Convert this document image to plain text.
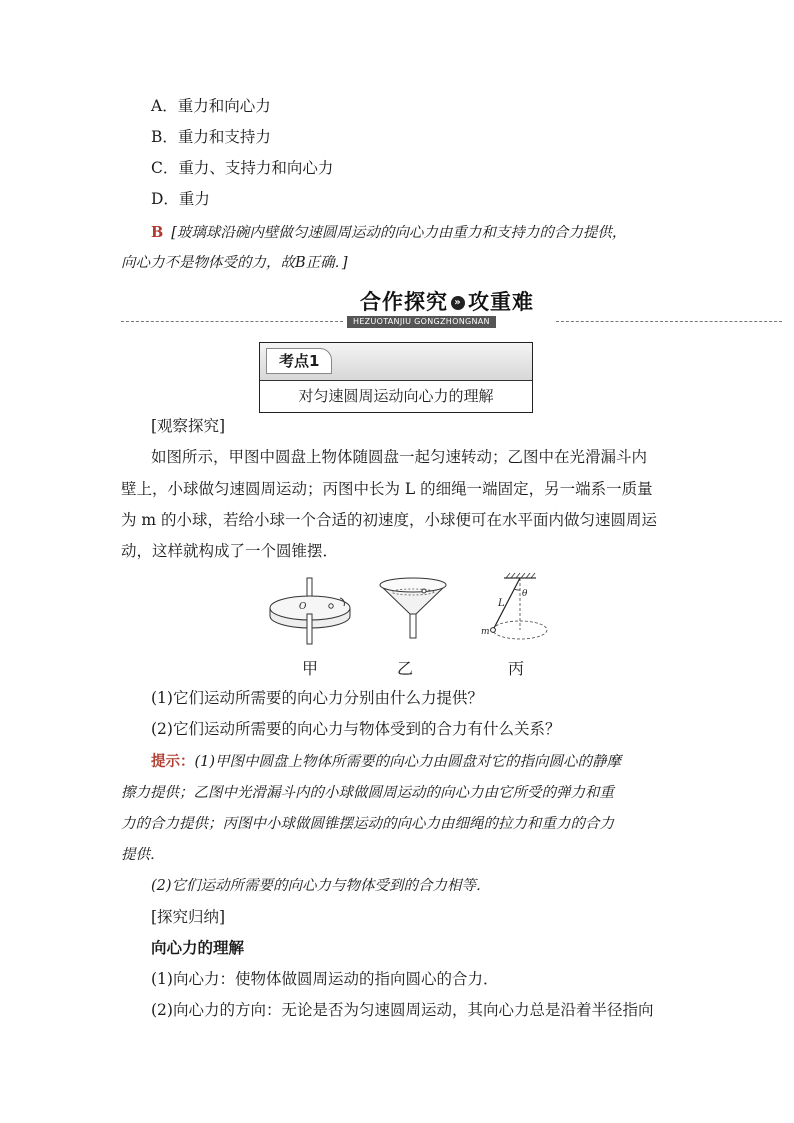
A．重力和向心力
B．重力和支持力
C．重力、支持力和向心力
D．重力
B [玻璃球沿碗内壁做匀速圆周运动的向心力由重力和支持力的合力提供，
向心力不是物体受的力，故B正确．]
合作探究 » 攻重难
HEZUOTANJIU GONGZHONGNAN
考点1
对匀速圆周运动向心力的理解
[观察探究]
如图所示，甲图中圆盘上物体随圆盘一起匀速转动；乙图中在光滑漏斗内
壁上，小球做匀速圆周运动；丙图中长为 L 的细绳一端固定，另一端系一质量
为 m 的小球，若给小球一个合适的初速度，小球便可在水平面内做匀速圆周运
动，这样就构成了一个圆锥摆．
O
θ
L
m
甲	乙	丙
(1)它们运动所需要的向心力分别由什么力提供？
(2)它们运动所需要的向心力与物体受到的合力有什么关系？
提示：(1)甲图中圆盘上物体所需要的向心力由圆盘对它的指向圆心的静摩
擦力提供；乙图中光滑漏斗内的小球做圆周运动的向心力由它所受的弹力和重
力的合力提供；丙图中小球做圆锥摆运动的向心力由细绳的拉力和重力的合力
提供．
(2)它们运动所需要的向心力与物体受到的合力相等．
[探究归纳]
向心力的理解
(1)向心力：使物体做圆周运动的指向圆心的合力．
(2)向心力的方向：无论是否为匀速圆周运动，其向心力总是沿着半径指向
